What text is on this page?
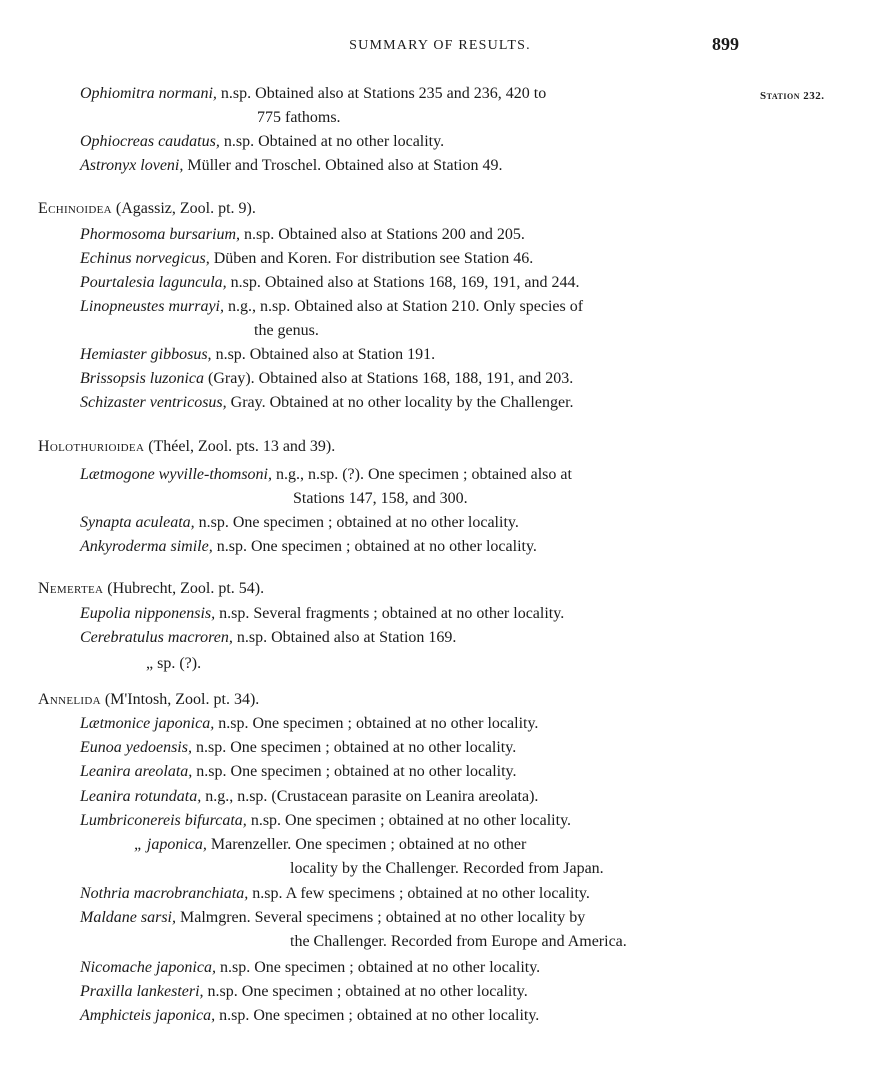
SUMMARY OF RESULTS.	899
Station 232.
Ophiomitra normani, n.sp. Obtained also at Stations 235 and 236, 420 to
775 fathoms.
Ophiocreas caudatus, n.sp. Obtained at no other locality.
Astronyx loveni, Müller and Troschel. Obtained also at Station 49.
Echinoidea (Agassiz, Zool. pt. 9).
Phormosoma bursarium, n.sp. Obtained also at Stations 200 and 205.
Echinus norvegicus, Düben and Koren. For distribution see Station 46.
Pourtalesia laguncula, n.sp. Obtained also at Stations 168, 169, 191, and 244.
Linopneustes murrayi, n.g., n.sp. Obtained also at Station 210. Only species of
the genus.
Hemiaster gibbosus, n.sp. Obtained also at Station 191.
Brissopsis luzonica (Gray). Obtained also at Stations 168, 188, 191, and 203.
Schizaster ventricosus, Gray. Obtained at no other locality by the Challenger.
Holothurioidea (Théel, Zool. pts. 13 and 39).
Lætmogone wyville-thomsoni, n.g., n.sp. (?). One specimen ; obtained also at
Stations 147, 158, and 300.
Synapta aculeata, n.sp. One specimen ; obtained at no other locality.
Ankyroderma simile, n.sp. One specimen ; obtained at no other locality.
Nemertea (Hubrecht, Zool. pt. 54).
Eupolia nipponensis, n.sp. Several fragments ; obtained at no other locality.
Cerebratulus macroren, n.sp. Obtained also at Station 169.
„ sp. (?).
Annelida (M'Intosh, Zool. pt. 34).
Lætmonice japonica, n.sp. One specimen ; obtained at no other locality.
Eunoa yedoensis, n.sp. One specimen ; obtained at no other locality.
Leanira areolata, n.sp. One specimen ; obtained at no other locality.
Leanira rotundata, n.g., n.sp. (Crustacean parasite on Leanira areolata).
Lumbriconereis bifurcata, n.sp. One specimen ; obtained at no other locality.
„ japonica, Marenzeller. One specimen ; obtained at no other
locality by the Challenger. Recorded from Japan.
Nothria macrobranchiata, n.sp. A few specimens ; obtained at no other locality.
Maldane sarsi, Malmgren. Several specimens ; obtained at no other locality by
the Challenger. Recorded from Europe and America.
Nicomache japonica, n.sp. One specimen ; obtained at no other locality.
Praxilla lankesteri, n.sp. One specimen ; obtained at no other locality.
Amphicteis japonica, n.sp. One specimen ; obtained at no other locality.
